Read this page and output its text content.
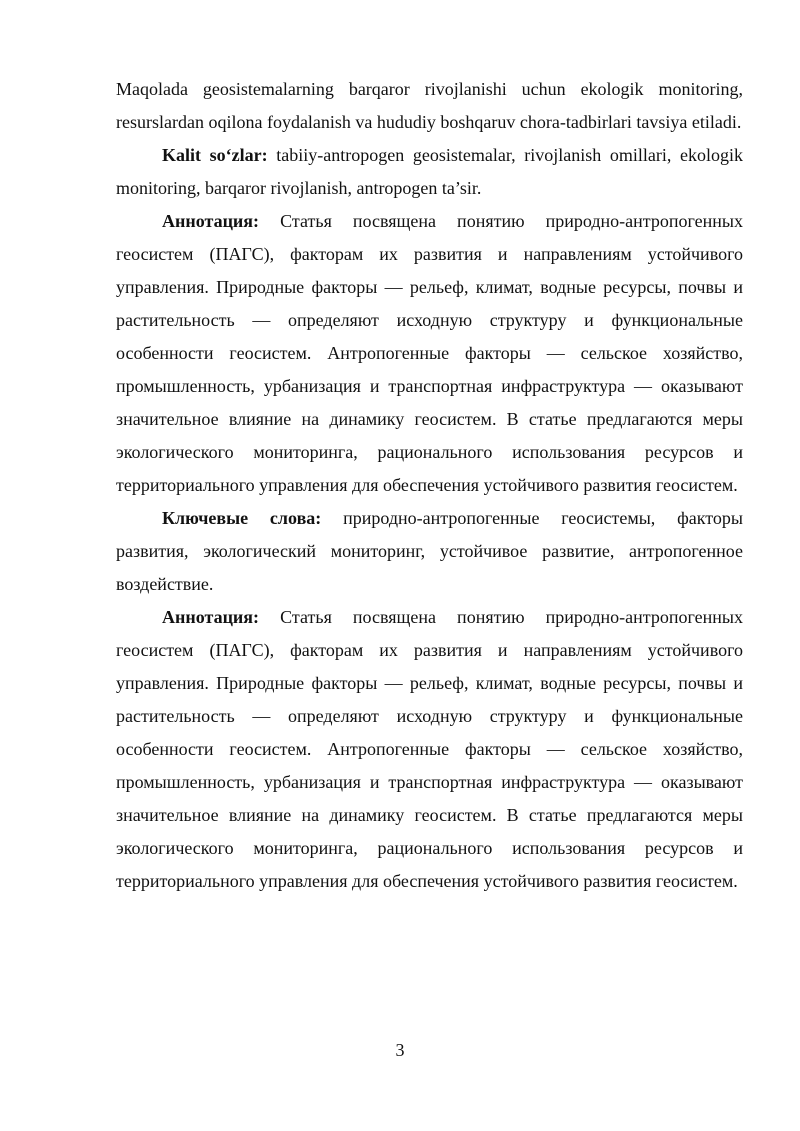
Maqolada geosistemalarning barqaror rivojlanishi uchun ekologik monitoring, resurslardan oqilona foydalanish va hududiy boshqaruv chora-tadbirlari tavsiya etiladi.

Kalit so‘zlar: tabiiy-antropogen geosistemalar, rivojlanish omillari, ekologik monitoring, barqaror rivojlanish, antropogen ta’sir.

Аннотация: Статья посвящена понятию природно-антропогенных геосистем (ПАГС), факторам их развития и направлениям устойчивого управления. Природные факторы — рельеф, климат, водные ресурсы, почвы и растительность — определяют исходную структуру и функциональные особенности геосистем. Антропогенные факторы — сельское хозяйство, промышленность, урбанизация и транспортная инфраструктура — оказывают значительное влияние на динамику геосистем. В статье предлагаются меры экологического мониторинга, рационального использования ресурсов и территориального управления для обеспечения устойчивого развития геосистем.

Ключевые слова: природно-антропогенные геосистемы, факторы развития, экологический мониторинг, устойчивое развитие, антропогенное воздействие.

Аннотация: Статья посвящена понятию природно-антропогенных геосистем (ПАГС), факторам их развития и направлениям устойчивого управления. Природные факторы — рельеф, климат, водные ресурсы, почвы и растительность — определяют исходную структуру и функциональные особенности геосистем. Антропогенные факторы — сельское хозяйство, промышленность, урбанизация и транспортная инфраструктура — оказывают значительное влияние на динамику геосистем. В статье предлагаются меры экологического мониторинга, рационального использования ресурсов и территориального управления для обеспечения устойчивого развития геосистем.

3
